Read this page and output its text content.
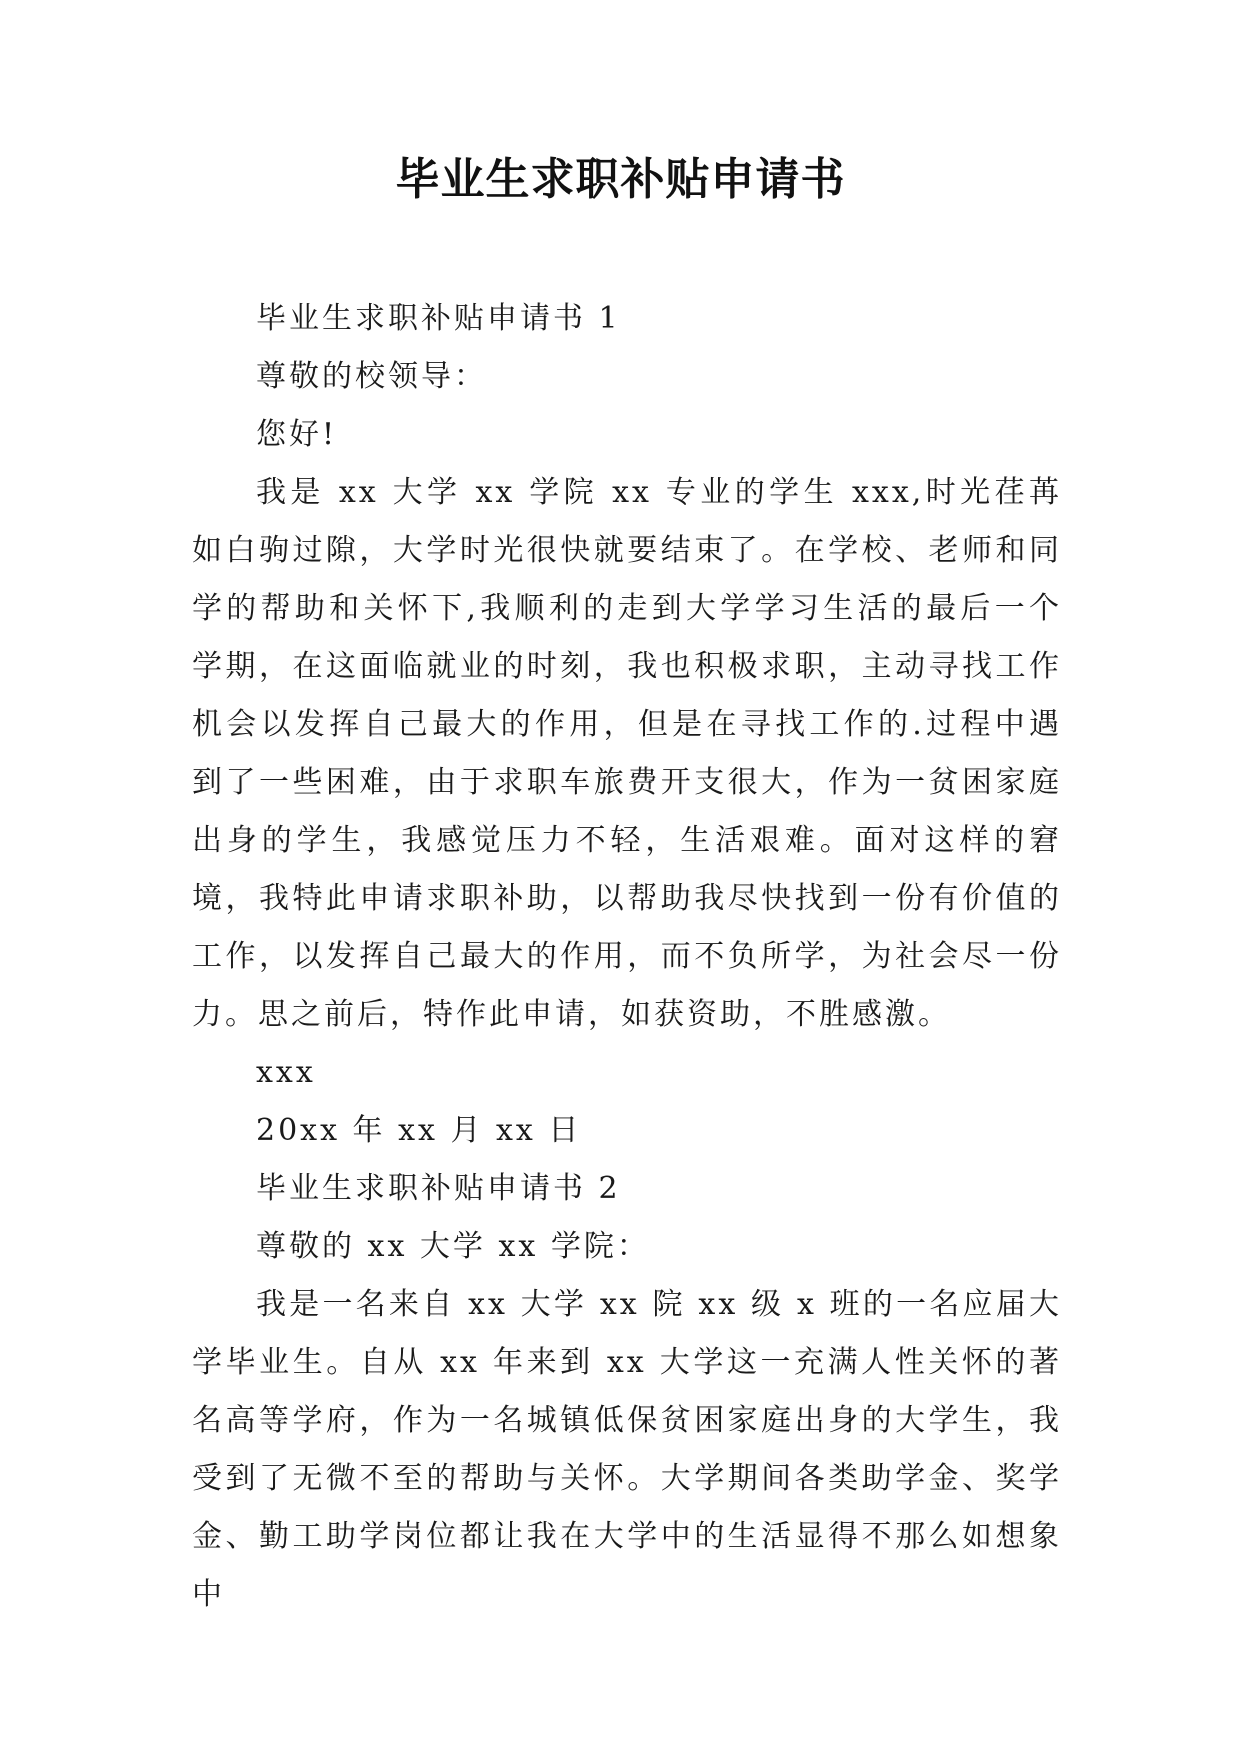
毕业生求职补贴申请书

毕业生求职补贴申请书 1

尊敬的校领导：

您好!

我是 xx 大学 xx 学院 xx 专业的学生 xxx,时光荏苒如白驹过隙，大学时光很快就要结束了。在学校、老师和同学的帮助和关怀下,我顺利的走到大学学习生活的最后一个学期，在这面临就业的时刻，我也积极求职，主动寻找工作机会以发挥自己最大的作用，但是在寻找工作的.过程中遇到了一些困难，由于求职车旅费开支很大，作为一贫困家庭出身的学生，我感觉压力不轻，生活艰难。面对这样的窘境，我特此申请求职补助，以帮助我尽快找到一份有价值的工作，以发挥自己最大的作用，而不负所学，为社会尽一份力。思之前后，特作此申请，如获资助，不胜感激。

xxx

20xx 年 xx 月 xx 日

毕业生求职补贴申请书 2

尊敬的 xx 大学 xx 学院：

我是一名来自 xx 大学 xx 院 xx 级 x 班的一名应届大学毕业生。自从 xx 年来到 xx 大学这一充满人性关怀的著名高等学府，作为一名城镇低保贫困家庭出身的大学生，我受到了无微不至的帮助与关怀。大学期间各类助学金、奖学金、勤工助学岗位都让我在大学中的生活显得不那么如想象中
